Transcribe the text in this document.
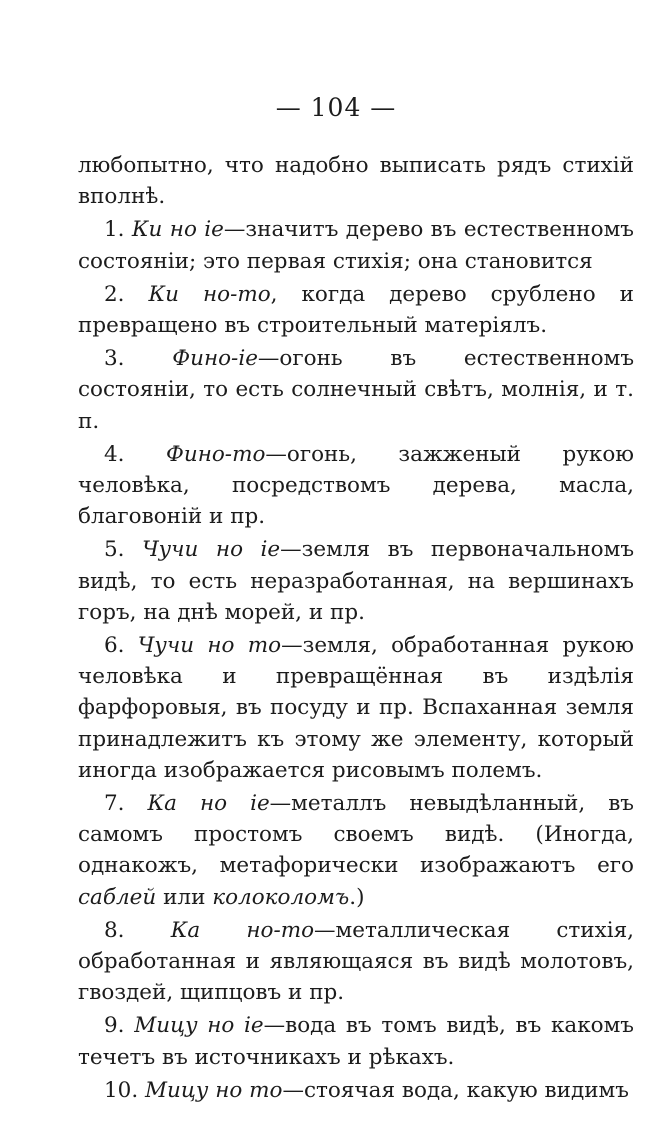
— 104 —

любопытно, что надобно выписать рядъ стихій вполнѣ.

1. Ки но іе—значитъ дерево въ естественномъ состояніи; это первая стихія; она становится

2. Ки но-то, когда дерево срублено и превращено въ строительный матеріялъ.

3. Фино-іе—огонь въ естественномъ состояніи, то есть солнечный свѣтъ, молнія, и т. п.

4. Фино-то—огонь, зажженый рукою человѣка, посредствомъ дерева, масла, благовоній и пр.

5. Чучи но іе—земля въ первоначальномъ видѣ, то есть неразработанная, на вершинахъ горъ, на днѣ морей, и пр.

6. Чучи но то—земля, обработанная рукою человѣка и превращённая въ издѣлія фарфоровыя, въ посуду и пр. Вспаханная земля принадлежитъ къ этому же элементу, который иногда изображается рисовымъ полемъ.

7. Ка но іе—металлъ невыдѣланный, въ самомъ простомъ своемъ видѣ. (Иногда, однакожъ, метафорически изображаютъ его саблей или колоколомъ.)

8. Ка но-то—металлическая стихія, обработанная и являющаяся въ видѣ молотовъ, гвоздей, щипцовъ и пр.

9. Мицу но іе—вода въ томъ видѣ, въ какомъ течетъ въ источникахъ и рѣкахъ.

10. Мицу но то—стоячая вода, какую видимъ
